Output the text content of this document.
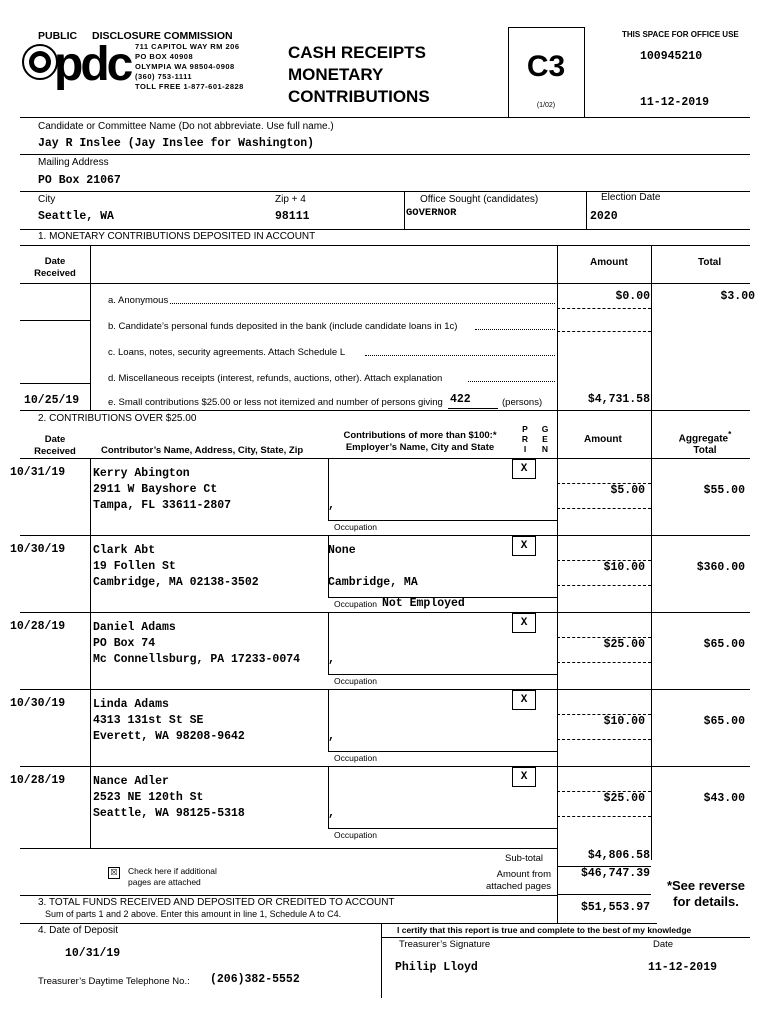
PUBLIC DISCLOSURE COMMISSION
pdc 711 CAPITOL WAY RM 206
PO BOX 40908
OLYMPIA WA 98504-0908
(360) 753-1111
TOLL FREE 1-877-601-2828
CASH RECEIPTS
MONETARY
CONTRIBUTIONS
C3
(1/02)
THIS SPACE FOR OFFICE USE
100945210
11-12-2019
Candidate or Committee Name (Do not abbreviate. Use full name.)
Jay R Inslee (Jay Inslee for Washington)
Mailing Address
PO Box 21067
City
Seattle, WA
Zip + 4
98111
Office Sought (candidates)
GOVERNOR
Election Date
2020
1. MONETARY CONTRIBUTIONS DEPOSITED IN ACCOUNT
Date
Received
Amount	Total
a. Anonymous	$0.00	$3.00
b. Candidate’s personal funds deposited in the bank (include candidate loans in 1c)
c. Loans, notes, security agreements. Attach Schedule L
d. Miscellaneous receipts (interest, refunds, auctions, other). Attach explanation
10/25/19	e. Small contributions $25.00 or less not itemized and number of persons giving 422	(persons)	$4,731.58
2. CONTRIBUTIONS OVER $25.00
Date
Received	Contributor’s Name, Address, City, State, Zip
Contributions of more than $100:*
Employer’s Name, City and State
P
R
I
G
E
N
Amount	Aggregate*
Total
10/31/19 Kerry Abington
2911 W Bayshore Ct
Tampa, FL 33611-2807	,
Occupation
X
$5.00	$55.00
10/30/19 Clark Abt
19 Follen St
Cambridge, MA 02138-3502
None
Cambridge, MA
Occupation Not Employed
X
$10.00	$360.00
10/28/19 Daniel Adams
PO Box 74
Mc Connellsburg, PA 17233-0074 ,
Occupation
X
$25.00	$65.00
10/30/19 Linda Adams
4313 131st St SE
Everett, WA 98208-9642	,
Occupation
X
$10.00	$65.00
10/28/19 Nance Adler
2523 NE 120th St
Seattle, WA 98125-5318	,
Occupation
X
$25.00	$43.00
☒ Check here if additional
pages are attached
Sub-total	$4,806.58
Amount from
attached pages
$46,747.39
*See reverse
for details.
3. TOTAL FUNDS RECEIVED AND DEPOSITED OR CREDITED TO ACCOUNT
Sum of parts 1 and 2 above. Enter this amount in line 1, Schedule A to C4.	$51,553.97
4. Date of Deposit
10/31/19
Treasurer’s Daytime Telephone No.: (206)382-5552
I certify that this report is true and complete to the best of my knowledge
Treasurer’s Signature	Date
Philip Lloyd	11-12-2019
